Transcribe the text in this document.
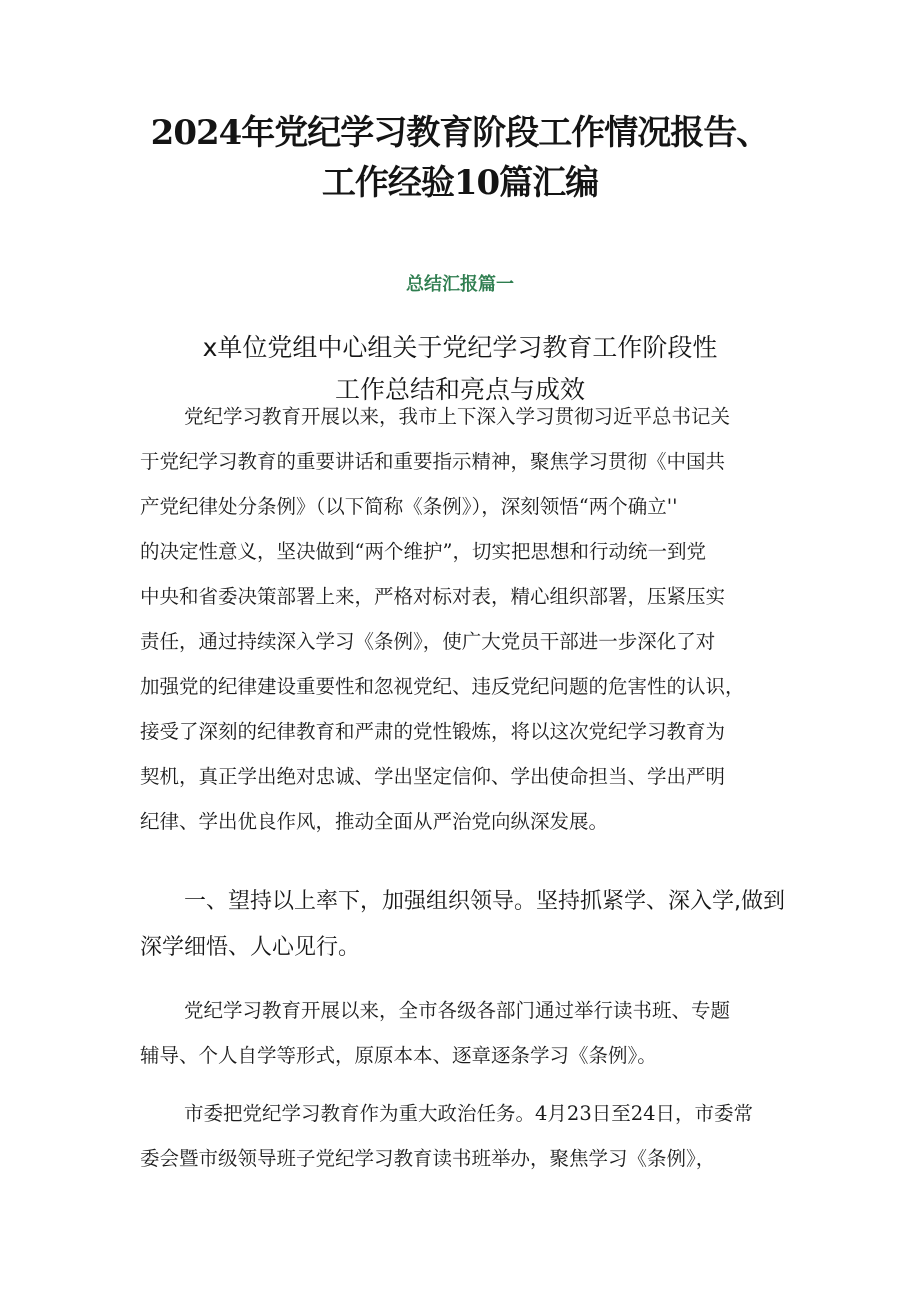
2024年党纪学习教育阶段工作情况报告、
工作经验10篇汇编
总结汇报篇一
x单位党组中心组关于党纪学习教育工作阶段性
工作总结和亮点与成效
党纪学习教育开展以来，我市上下深入学习贯彻习近平总书记关
于党纪学习教育的重要讲话和重要指示精神，聚焦学习贯彻《中国共
产党纪律处分条例》（以下简称《条例》），深刻领悟“两个确立''
的决定性意义，坚决做到“两个维护”，切实把思想和行动统一到党
中央和省委决策部署上来，严格对标对表，精心组织部署，压紧压实
责任，通过持续深入学习《条例》，使广大党员干部进一步深化了对
加强党的纪律建设重要性和忽视党纪、违反党纪问题的危害性的认识，
接受了深刻的纪律教育和严肃的党性锻炼，将以这次党纪学习教育为
契机，真正学出绝对忠诚、学出坚定信仰、学出使命担当、学出严明
纪律、学出优良作风，推动全面从严治党向纵深发展。
一、望持以上率下，加强组织领导。坚持抓紧学、深入学,做到
深学细悟、人心见行。
党纪学习教育开展以来，全市各级各部门通过举行读书班、专题
辅导、个人自学等形式，原原本本、逐章逐条学习《条例》。
市委把党纪学习教育作为重大政治任务。4月23日至24日，市委常
委会暨市级领导班子党纪学习教育读书班举办，聚焦学习《条例》，
